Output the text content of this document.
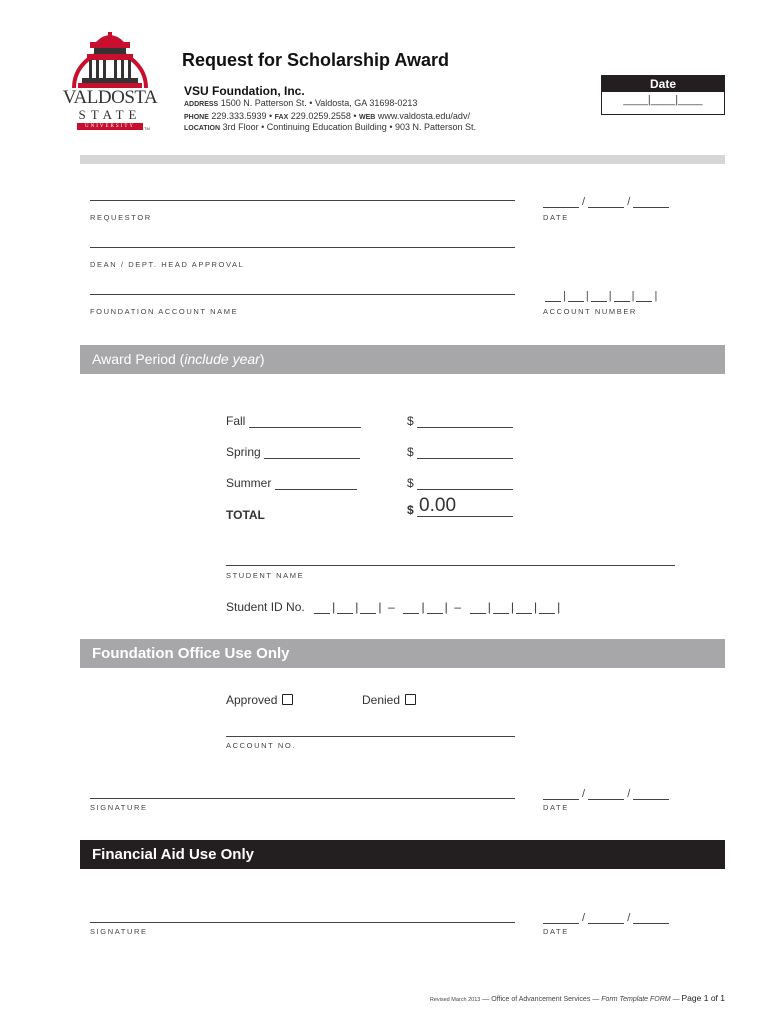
VALDOSTA
STATE
UNIVERSITY	TM
Request for Scholarship Award
VSU Foundation, Inc.
ADDRESS 1500 N. Patterson St. • Valdosta, GA 31698-0213
PHONE 229.333.5939 • FAX 229.0259.2558 • WEB www.valdosta.edu/adv/
LOCATION 3rd Floor • Continuing Education Building • 903 N. Patterson St.
Date
____|____|____
REQUESTOR
/	/
DATE
DEAN / DEPT. HEAD APPROVAL
FOUNDATION ACCOUNT NAME
| | | | |
ACCOUNT NUMBER
Award Period (include year)
Fall	$
Spring	$
Summer	$
TOTAL	$ 0.00
STUDENT NAME
Student ID No. | | |  –  | |  –  | | | |
Foundation Office Use Only
Approved	Denied
ACCOUNT NO.
SIGNATURE
/	/
DATE
Financial Aid Use Only
SIGNATURE
/	/
DATE
Revised March 2013 — Office of Advancement Services — Form Template FORM — Page 1 of 1
